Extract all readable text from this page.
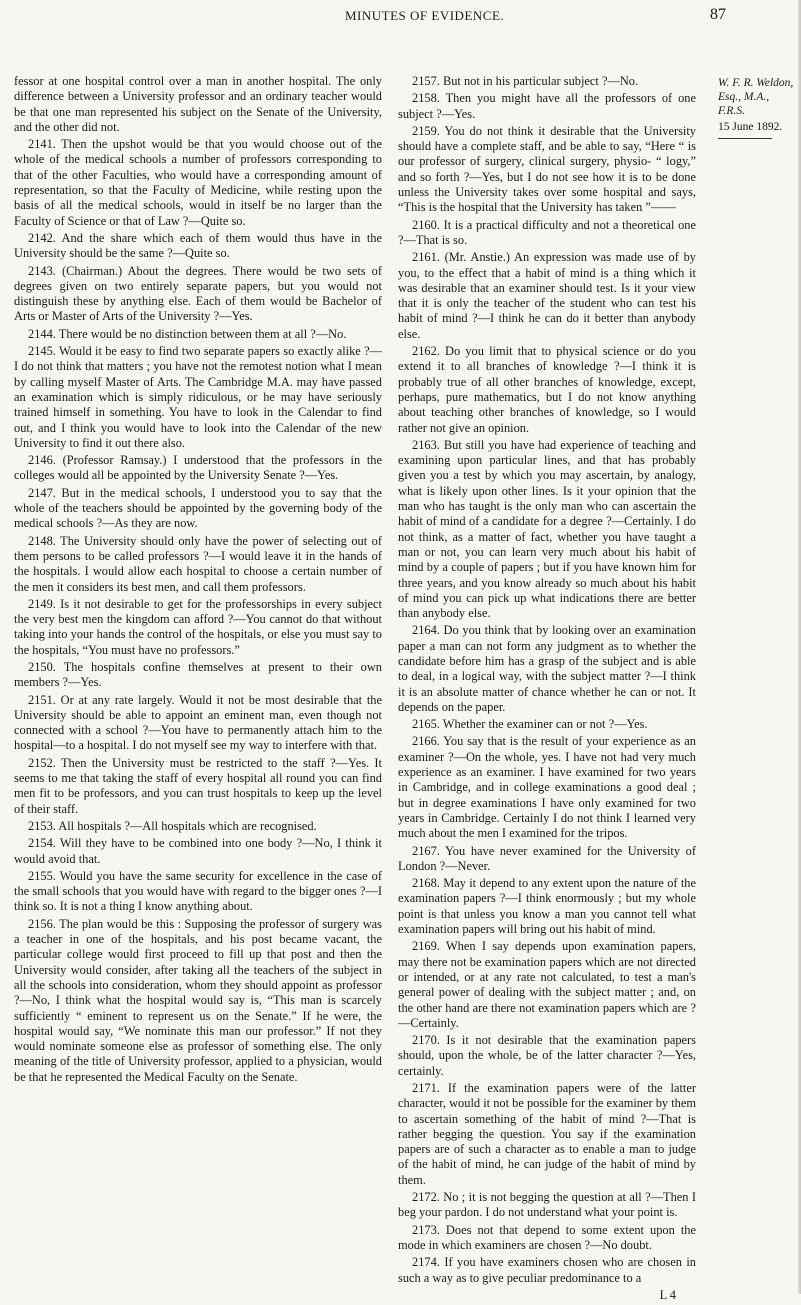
MINUTES OF EVIDENCE.	87

fessor at one hospital control over a man in another hospital. The only difference between a University professor and an ordinary teacher would be that one man represented his subject on the Senate of the University, and the other did not.

2141. Then the upshot would be that you would choose out of the whole of the medical schools a number of professors corresponding to that of the other Faculties, who would have a corresponding amount of representation, so that the Faculty of Medicine, while resting upon the basis of all the medical schools, would in itself be no larger than the Faculty of Science or that of Law ?—Quite so.

2142. And the share which each of them would thus have in the University should be the same ?—Quite so.

2143. (Chairman.) About the degrees. There would be two sets of degrees given on two entirely separate papers, but you would not distinguish these by anything else. Each of them would be Bachelor of Arts or Master of Arts of the University ?—Yes.

2144. There would be no distinction between them at all ?—No.

2145. Would it be easy to find two separate papers so exactly alike ?—I do not think that matters ; you have not the remotest notion what I mean by calling myself Master of Arts. The Cambridge M.A. may have passed an examination which is simply ridiculous, or he may have seriously trained himself in something. You have to look in the Calendar to find out, and I think you would have to look into the Calendar of the new University to find it out there also.

2146. (Professor Ramsay.) I understood that the professors in the colleges would all be appointed by the University Senate ?—Yes.

2147. But in the medical schools, I understood you to say that the whole of the teachers should be appointed by the governing body of the medical schools ?—As they are now.

2148. The University should only have the power of selecting out of them persons to be called professors ?—I would leave it in the hands of the hospitals. I would allow each hospital to choose a certain number of the men it considers its best men, and call them professors.

2149. Is it not desirable to get for the professorships in every subject the very best men the kingdom can afford ?—You cannot do that without taking into your hands the control of the hospitals, or else you must say to the hospitals, “You must have no professors.”

2150. The hospitals confine themselves at present to their own members ?—Yes.

2151. Or at any rate largely. Would it not be most desirable that the University should be able to appoint an eminent man, even though not connected with a school ?—You have to permanently attach him to the hospital—to a hospital. I do not myself see my way to interfere with that.

2152. Then the University must be restricted to the staff ?—Yes. It seems to me that taking the staff of every hospital all round you can find men fit to be professors, and you can trust hospitals to keep up the level of their staff.

2153. All hospitals ?—All hospitals which are recognised.

2154. Will they have to be combined into one body ?—No, I think it would avoid that.

2155. Would you have the same security for excellence in the case of the small schools that you would have with regard to the bigger ones ?—I think so. It is not a thing I know anything about.

2156. The plan would be this : Supposing the professor of surgery was a teacher in one of the hospitals, and his post became vacant, the particular college would first proceed to fill up that post and then the University would consider, after taking all the teachers of the subject in all the schools into consideration, whom they should appoint as professor ?—No, I think what the hospital would say is, “This man is scarcely sufficiently “ eminent to represent us on the Senate.” If he were, the hospital would say, “We nominate this man our professor.” If not they would nominate someone else as professor of something else. The only meaning of the title of University professor, applied to a physician, would be that he represented the Medical Faculty on the Senate.

2157. But not in his particular subject ?—No.

2158. Then you might have all the professors of one subject ?—Yes.

2159. You do not think it desirable that the University should have a complete staff, and be able to say, “Here “ is our professor of surgery, clinical surgery, physio- “ logy,” and so forth ?—Yes, but I do not see how it is to be done unless the University takes over some hospital and says, “This is the hospital that the University has taken ”——

2160. It is a practical difficulty and not a theoretical one ?—That is so.

2161. (Mr. Anstie.) An expression was made use of by you, to the effect that a habit of mind is a thing which it was desirable that an examiner should test. Is it your view that it is only the teacher of the student who can test his habit of mind ?—I think he can do it better than anybody else.

2162. Do you limit that to physical science or do you extend it to all branches of knowledge ?—I think it is probably true of all other branches of knowledge, except, perhaps, pure mathematics, but I do not know anything about teaching other branches of knowledge, so I would rather not give an opinion.

2163. But still you have had experience of teaching and examining upon particular lines, and that has probably given you a test by which you may ascertain, by analogy, what is likely upon other lines. Is it your opinion that the man who has taught is the only man who can ascertain the habit of mind of a candidate for a degree ?—Certainly. I do not think, as a matter of fact, whether you have taught a man or not, you can learn very much about his habit of mind by a couple of papers ; but if you have known him for three years, and you know already so much about his habit of mind you can pick up what indications there are better than anybody else.

2164. Do you think that by looking over an examination paper a man can not form any judgment as to whether the candidate before him has a grasp of the subject and is able to deal, in a logical way, with the subject matter ?—I think it is an absolute matter of chance whether he can or not. It depends on the paper.

2165. Whether the examiner can or not ?—Yes.

2166. You say that is the result of your experience as an examiner ?—On the whole, yes. I have not had very much experience as an examiner. I have examined for two years in Cambridge, and in college examinations a good deal ; but in degree examinations I have only examined for two years in Cambridge. Certainly I do not think I learned very much about the men I examined for the tripos.

2167. You have never examined for the University of London ?—Never.

2168. May it depend to any extent upon the nature of the examination papers ?—I think enormously ; but my whole point is that unless you know a man you cannot tell what examination papers will bring out his habit of mind.

2169. When I say depends upon examination papers, may there not be examination papers which are not directed or intended, or at any rate not calculated, to test a man's general power of dealing with the subject matter ; and, on the other hand are there not examination papers which are ?—Certainly.

2170. Is it not desirable that the examination papers should, upon the whole, be of the latter character ?—Yes, certainly.

2171. If the examination papers were of the latter character, would it not be possible for the examiner by them to ascertain something of the habit of mind ?—That is rather begging the question. You say if the examination papers are of such a character as to enable a man to judge of the habit of mind, he can judge of the habit of mind by them.

2172. No ; it is not begging the question at all ?—Then I beg your pardon. I do not understand what your point is.

2173. Does not that depend to some extent upon the mode in which examiners are chosen ?—No doubt.

2174. If you have examiners chosen who are chosen in such a way as to give peculiar predominance to a

L 4

W. F. R. Weldon, Esq., M.A., F.R.S.
15 June 1892.
